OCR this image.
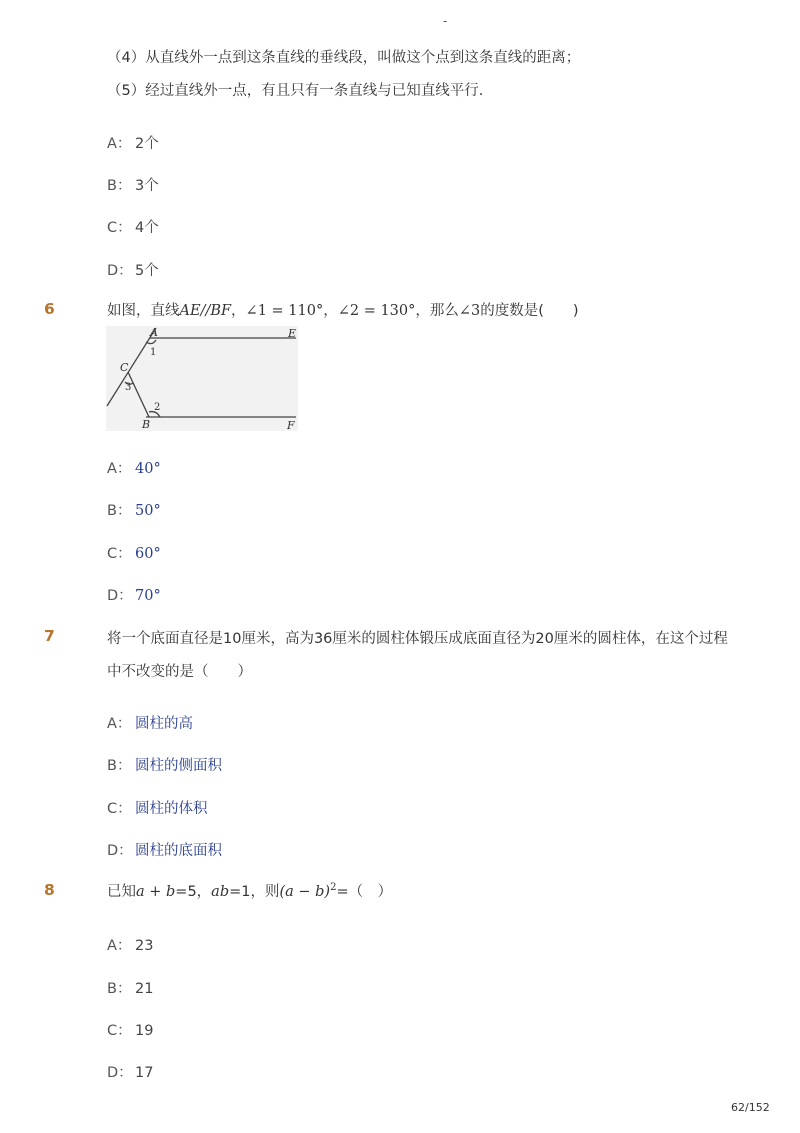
-
（4）从直线外一点到这条直线的垂线段，叫做这个点到这条直线的距离；
（5）经过直线外一点，有且只有一条直线与已知直线平行．
A： 2个
B： 3个
C： 4个
D： 5个
6	如图，直线AE//BF，∠1 = 110°，∠2 = 130°，那么∠3的度数是(　　)
A	E
C
B	F
1
3
2
A： 40°
B： 50°
C： 60°
D： 70°
7	将一个底面直径是10厘米，高为36厘米的圆柱体锻压成底面直径为20厘米的圆柱体，在这个过程
中不改变的是（　　）
A： 圆柱的高
B： 圆柱的侧面积
C： 圆柱的体积
D： 圆柱的底面积
8	已知a + b=5，ab=1，则$(a - b)^2=$（　）
A： 23
B： 21
C： 19
D： 17
62/152
